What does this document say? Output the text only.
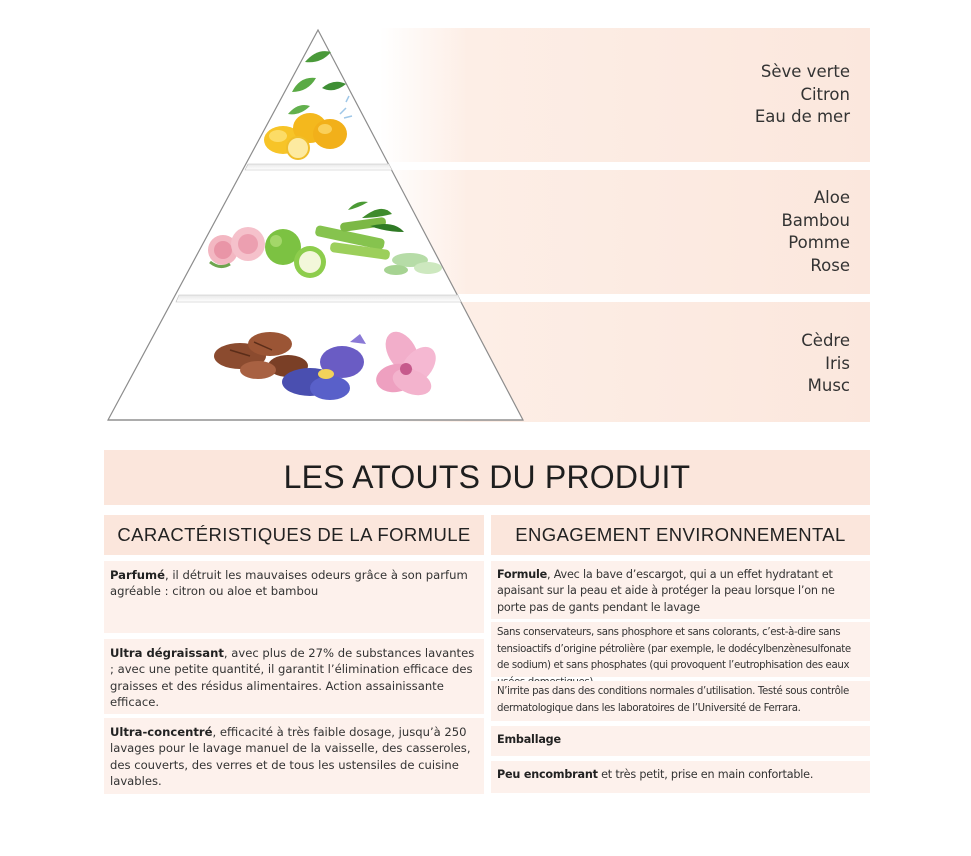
Sève verte
Citron
Eau de mer
Aloe
Bambou
Pomme
Rose
Cèdre
Iris
Musc
LES ATOUTS DU PRODUIT
CARACTÉRISTIQUES DE LA FORMULE	ENGAGEMENT ENVIRONNEMENTAL
Parfumé, il détruit les mauvaises odeurs grâce à son parfum agréable : citron ou aloe et bambou
Ultra dégraissant, avec plus de 27% de substances lavantes ; avec une petite quantité, il garantit l’élimination efficace des graisses et des résidus alimentaires. Action assainissante efficace.
Ultra-concentré, efficacité à très faible dosage, jusqu’à 250 lavages pour le lavage manuel de la vaisselle, des casseroles, des couverts, des verres et de tous les ustensiles de cuisine lavables.
Formule, Avec la bave d’escargot, qui a un effet hydratant et apaisant sur la peau et aide à protéger la peau lorsque l’on ne porte pas de gants pendant le lavage
Sans conservateurs, sans phosphore et sans colorants, c’est-à-dire sans tensioactifs d’origine pétrolière (par exemple, le dodécylbenzènesulfonate de sodium) et sans phosphates (qui provoquent l’eutrophisation des eaux
N’irrite pas dans des conditions normales d’utilisation. Testé sous contrôle dermatologique dans les laboratoires de l’Université de Ferrara.
Emballage
Peu encombrant et très petit, prise en main confortable.
